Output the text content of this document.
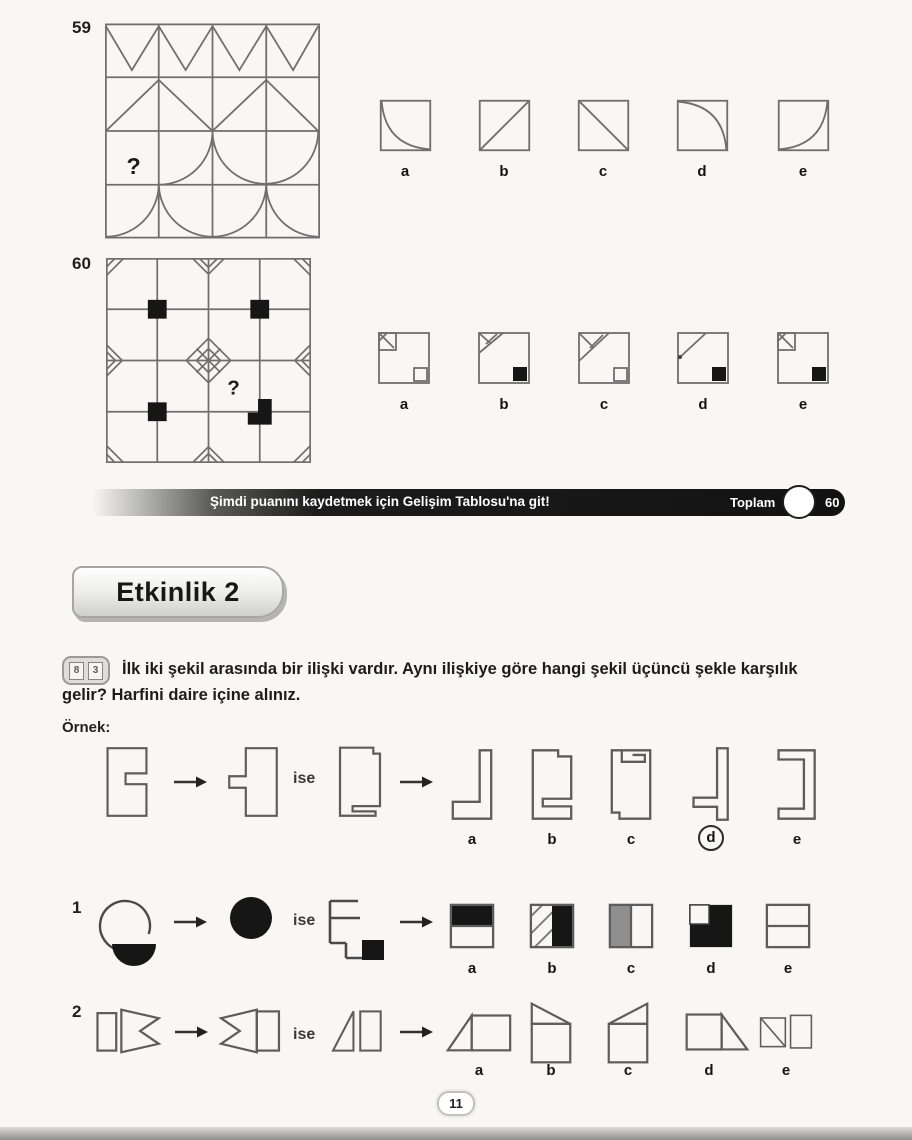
59
?	a	b	c	d	e
60
?
a	b	c	d	e
Şimdi puanını kaydetmek için Gelişim Tablosu'na git!	Toplam	60
Etkinlik 2
8	3 İlk iki şekil arasında bir ilişki vardır. Aynı ilişkiye göre hangi şekil üçüncü şekle karşılık
gelir? Harfini daire içine alınız.
Örnek:
ise
a	b	c	d	e
1
ise
a	b	c	d	e
2
ise
a	b	c	d	e
11
